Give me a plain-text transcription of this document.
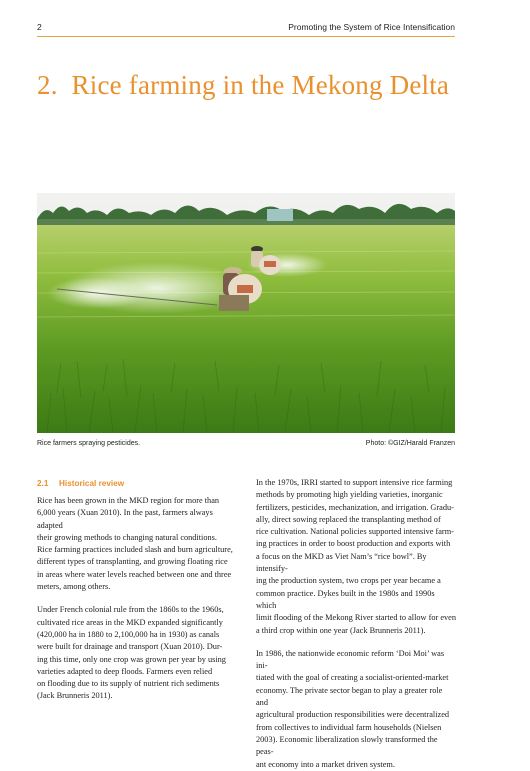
2	Promoting the System of Rice Intensification
2.  Rice farming in the Mekong Delta
Rice farmers spraying pesticides.	Photo: ©GIZ/Harald Franzen
2.1 Historical review

Rice has been grown in the MKD region for more than
6,000 years (Xuan 2010). In the past, farmers always adapted
their growing methods to changing natural conditions.
Rice farming practices included slash and burn agriculture,
different types of transplanting, and growing floating rice
in areas where water levels reached between one and three
meters, among others.

Under French colonial rule from the 1860s to the 1960s,
cultivated rice areas in the MKD expanded significantly
(420,000 ha in 1880 to 2,100,000 ha in 1930) as canals
were built for drainage and transport (Xuan 2010). Dur-
ing this time, only one crop was grown per year by using
varieties adapted to deep floods. Farmers even relied
on flooding due to its supply of nutrient rich sediments
(Jack Brunneris 2011).

In the 1970s, IRRI started to support intensive rice farming
methods by promoting high yielding varieties, inorganic
fertilizers, pesticides, mechanization, and irrigation. Gradu-
ally, direct sowing replaced the transplanting method of
rice cultivation. National policies supported intensive farm-
ing practices in order to boost production and exports with
a focus on the MKD as Viet Nam’s “rice bowl”. By intensify-
ing the production system, two crops per year became a
common practice. Dykes built in the 1980s and 1990s which
limit flooding of the Mekong River started to allow for even
a third crop within one year (Jack Brunneris 2011).

In 1986, the nationwide economic reform ‘Doi Moi’ was ini-
tiated with the goal of creating a socialist-oriented-market
economy. The private sector began to play a greater role and
agricultural production responsibilities were decentralized
from collectives to individual farm households (Nielsen
2003). Economic liberalization slowly transformed the peas-
ant economy into a market driven system.
